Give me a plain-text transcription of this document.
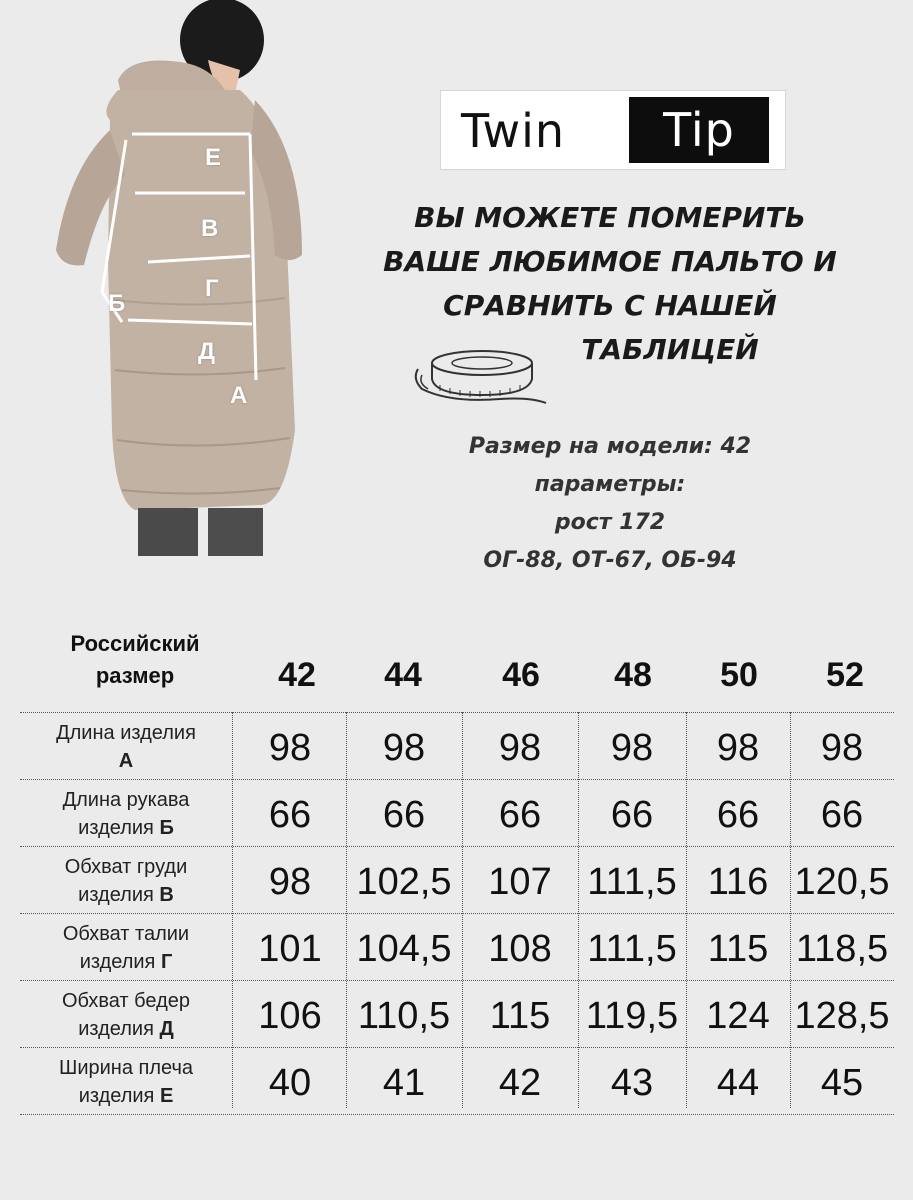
Е
В
Б
Г
Д
А
Twin	Tip
ВЫ МОЖЕТЕ ПОМЕРИТЬ
ВАШЕ ЛЮБИМОЕ ПАЛЬТО И
СРАВНИТЬ С НАШЕЙ
ТАБЛИЦЕЙ
Размер на модели: 42
параметры:
рост 172
ОГ-88, ОТ-67, ОБ-94
Российский
размер	42	44	46	48	50	52
Длина изделия
А	98	98	98	98	98	98
Длина рукава
изделия Б	66	66	66	66	66	66
Обхват груди
изделия В	98	102,5 107 111,5 116 120,5
Обхват талии
изделия Г	101 104,5 108 111,5 115 118,5
Обхват бедер
изделия Д	106 110,5	115 119,5 124 128,5
Ширина плеча
изделия Е	40	41	42	43	44	45
